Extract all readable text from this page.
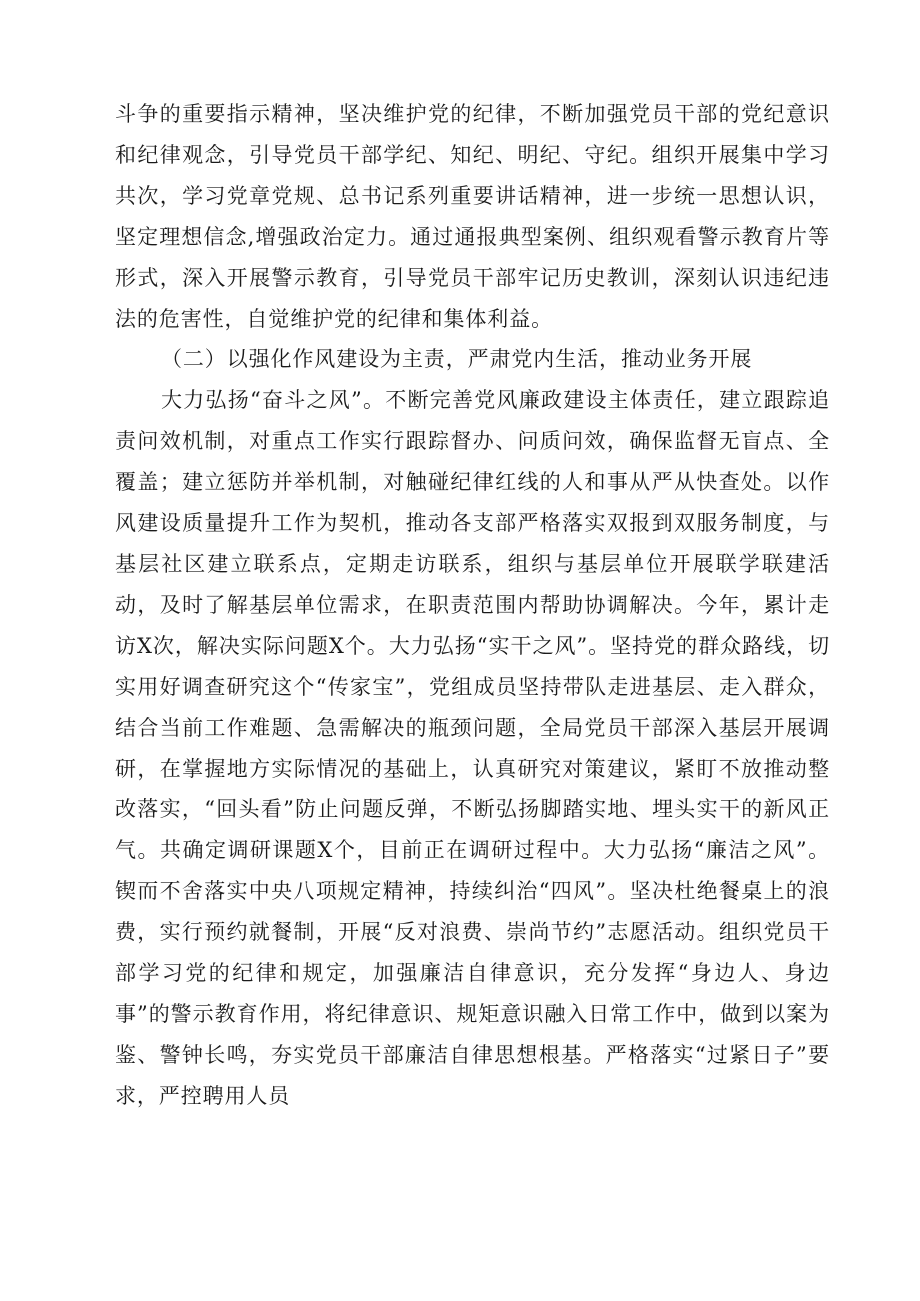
斗争的重要指示精神，坚决维护党的纪律，不断加强党员干部的党纪意识和纪律观念，引导党员干部学纪、知纪、明纪、守纪。组织开展集中学习共次，学习党章党规、总书记系列重要讲话精神，进一步统一思想认识，坚定理想信念,增强政治定力。通过通报典型案例、组织观看警示教育片等形式，深入开展警示教育，引导党员干部牢记历史教训，深刻认识违纪违法的危害性，自觉维护党的纪律和集体利益。

（二）以强化作风建设为主责，严肃党内生活，推动业务开展

大力弘扬“奋斗之风”。不断完善党风廉政建设主体责任，建立跟踪追责问效机制，对重点工作实行跟踪督办、问质问效，确保监督无盲点、全覆盖；建立惩防并举机制，对触碰纪律红线的人和事从严从快查处。以作风建设质量提升工作为契机，推动各支部严格落实双报到双服务制度，与基层社区建立联系点，定期走访联系，组织与基层单位开展联学联建活动，及时了解基层单位需求，在职责范围内帮助协调解决。今年，累计走访X次，解决实际问题X个。大力弘扬“实干之风”。坚持党的群众路线，切实用好调查研究这个“传家宝”，党组成员坚持带队走进基层、走入群众，结合当前工作难题、急需解决的瓶颈问题，全局党员干部深入基层开展调研，在掌握地方实际情况的基础上，认真研究对策建议，紧盯不放推动整改落实，“回头看”防止问题反弹，不断弘扬脚踏实地、埋头实干的新风正气。共确定调研课题X个，目前正在调研过程中。大力弘扬“廉洁之风”。锲而不舍落实中央八项规定精神，持续纠治“四风”。坚决杜绝餐桌上的浪费，实行预约就餐制，开展“反对浪费、崇尚节约”志愿活动。组织党员干部学习党的纪律和规定，加强廉洁自律意识，充分发挥“身边人、身边事”的警示教育作用，将纪律意识、规矩意识融入日常工作中，做到以案为鉴、警钟长鸣，夯实党员干部廉洁自律思想根基。严格落实“过紧日子”要求，严控聘用人员
